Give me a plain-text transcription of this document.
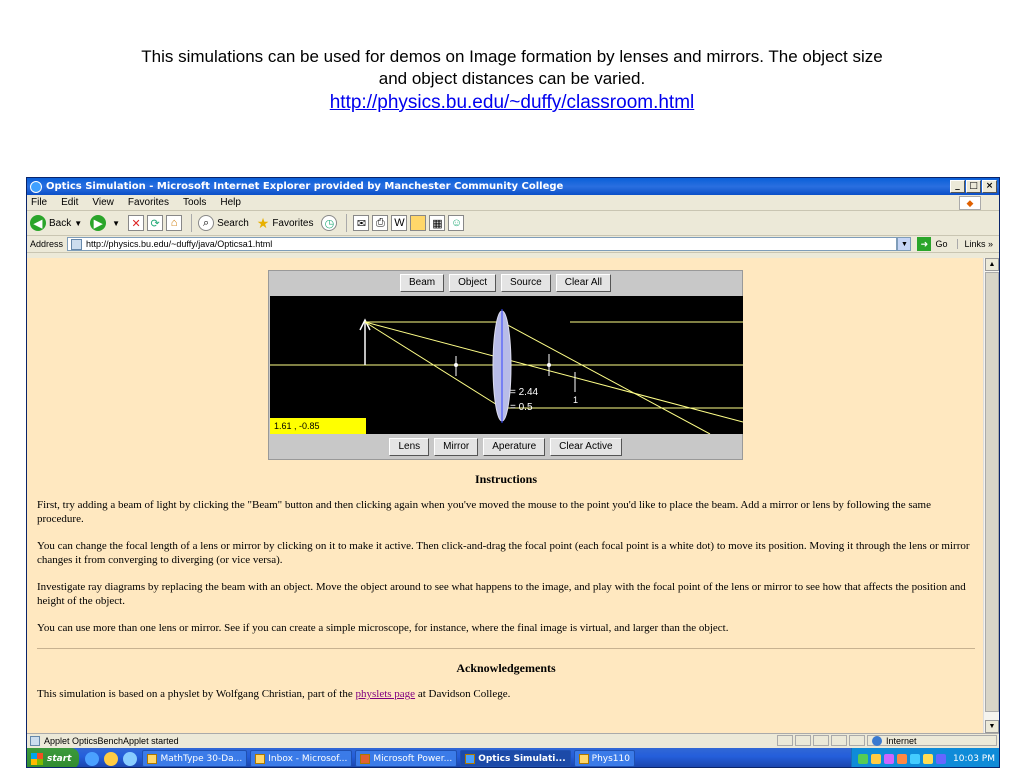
This simulations can be used for demos on Image formation by lenses and mirrors. The object size
and object distances can be varied.
http://physics.bu.edu/~duffy/classroom.html
Optics Simulation - Microsoft Internet Explorer provided by Manchester Community College	_	□ ×
File Edit View Favorites Tools Help	◆
◀ Back ▼	▶	▼	✕ ⟳	⌂	⌕ Search ★ Favorites ◷	✉ ⎙ W	▦ ☺
Address	http://physics.bu.edu/~duffy/java/Opticsa1.html	▼	➜ Go	Links »
Beam	Object	Source	Clear All
= 2.44
= 0.5
1
1.61 , -0.85
Lens	Mirror	Aperature	Clear Active
Instructions

First, try adding a beam of light by clicking the "Beam" button and then clicking again when you've moved the mouse to the point you'd like to place the beam. Add a mirror or lens by following the same procedure.

You can change the focal length of a lens or mirror by clicking on it to make it active. Then click-and-drag the focal point (each focal point is a white dot) to move its position. Moving it through the lens or mirror changes it from converging to diverging (or vice versa).

Investigate ray diagrams by replacing the beam with an object. Move the object around to see what happens to the image, and play with the focal point of the lens or mirror to see how that affects the position and height of the object.

You can use more than one lens or mirror. See if you can create a simple microscope, for instance, where the final image is virtual, and larger than the object.

Acknowledgements

This simulation is based on a physlet by Wolfgang Christian, part of the physlets page at Davidson College.

▲
▼
Applet OpticsBenchApplet started	Internet
start	MathType 30-Da...	Inbox - Microsof...	Microsoft Power...	Optics Simulati...	Phys110	10:03 PM
